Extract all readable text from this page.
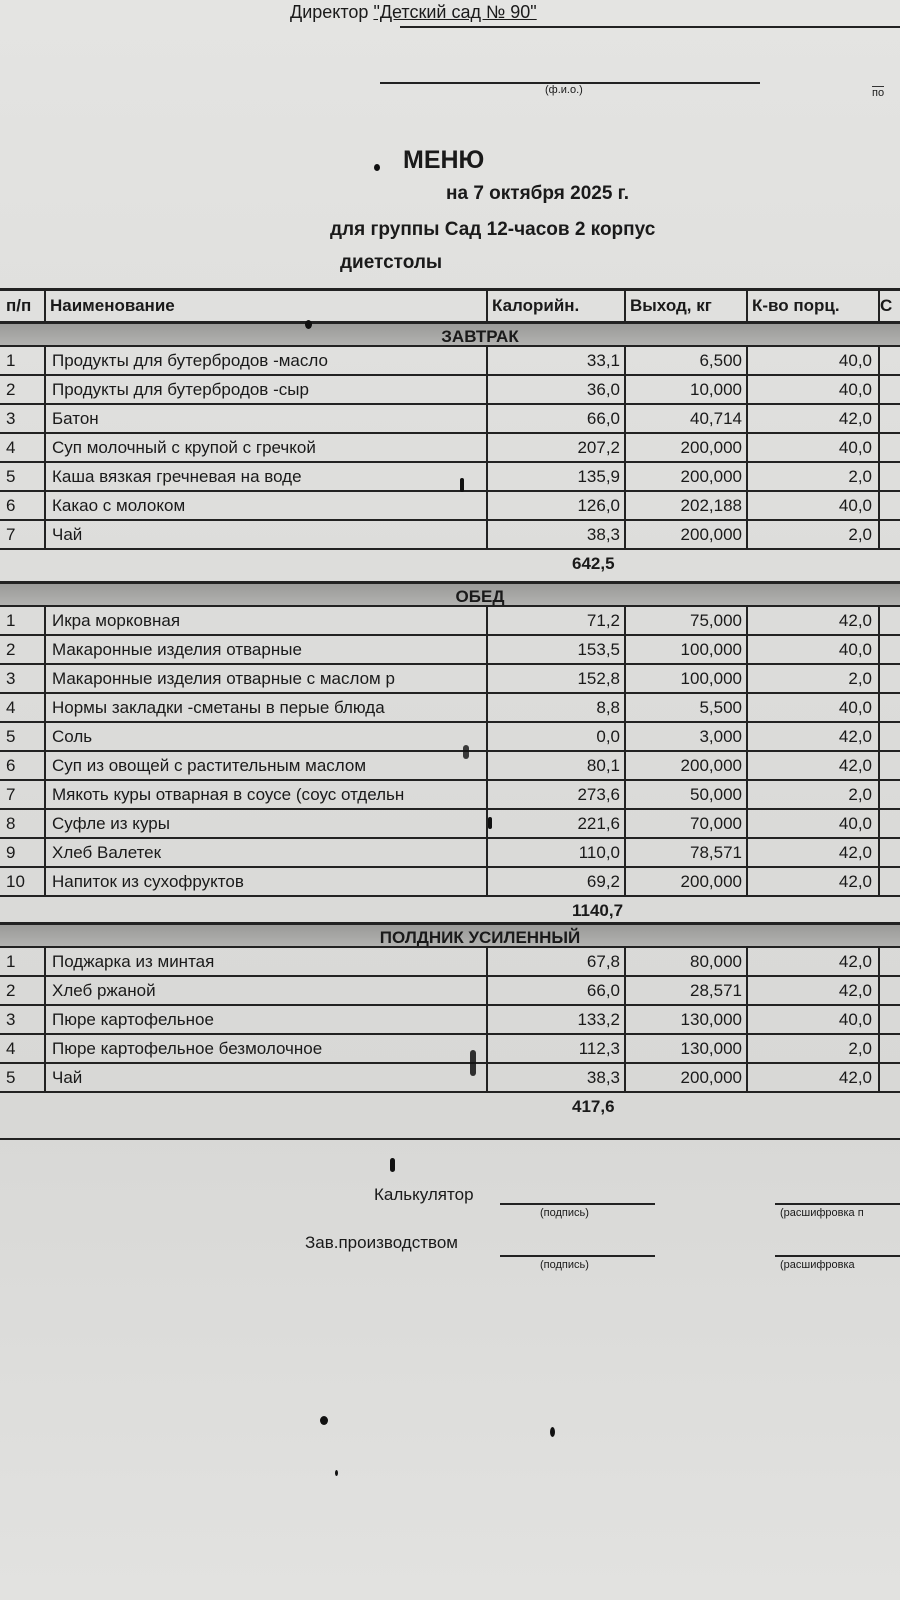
Директор "Детский сад № 90"
(ф.и.о.)	по
МЕНЮ
на 7 октября 2025 г.
для группы Сад 12-часов 2 корпус
диетстолы
п/п	Наименование	Калорийн.	Выход, кг	К-во порц.	С
ЗАВТРАК
1	Продукты для бутербродов -масло	33,1	6,500	40,0
2	Продукты для бутербродов -сыр	36,0	10,000	40,0
3	Батон	66,0	40,714	42,0
4	Суп молочный с крупой с гречкой	207,2	200,000	40,0
5	Каша вязкая гречневая на воде	135,9	200,000	2,0
6	Какао с молоком	126,0	202,188	40,0
7	Чай	38,3	200,000	2,0
642,5
ОБЕД
1	Икра морковная	71,2	75,000	42,0
2	Макаронные изделия отварные	153,5	100,000	40,0
3	Макаронные изделия отварные с маслом р	152,8	100,000	2,0
4	Нормы закладки -сметаны в перые блюда	8,8	5,500	40,0
5	Соль	0,0	3,000	42,0
6	Суп из овощей с растительным маслом	80,1	200,000	42,0
7	Мякоть куры отварная в соусе (соус отдельн	273,6	50,000	2,0
8	Суфле из куры	221,6	70,000	40,0
9	Хлеб Валетек	110,0	78,571	42,0
10	Напиток из сухофруктов	69,2	200,000	42,0
1140,7
ПОЛДНИК УСИЛЕННЫЙ
1	Поджарка из минтая	67,8	80,000	42,0
2	Хлеб ржаной	66,0	28,571	42,0
3	Пюре картофельное	133,2	130,000	40,0
4	Пюре картофельное безмолочное	112,3	130,000	2,0
5	Чай	38,3	200,000	42,0
417,6
Калькулятор
(подпись)	(расшифровка п
Зав.производством
(подпись)	(расшифровка
